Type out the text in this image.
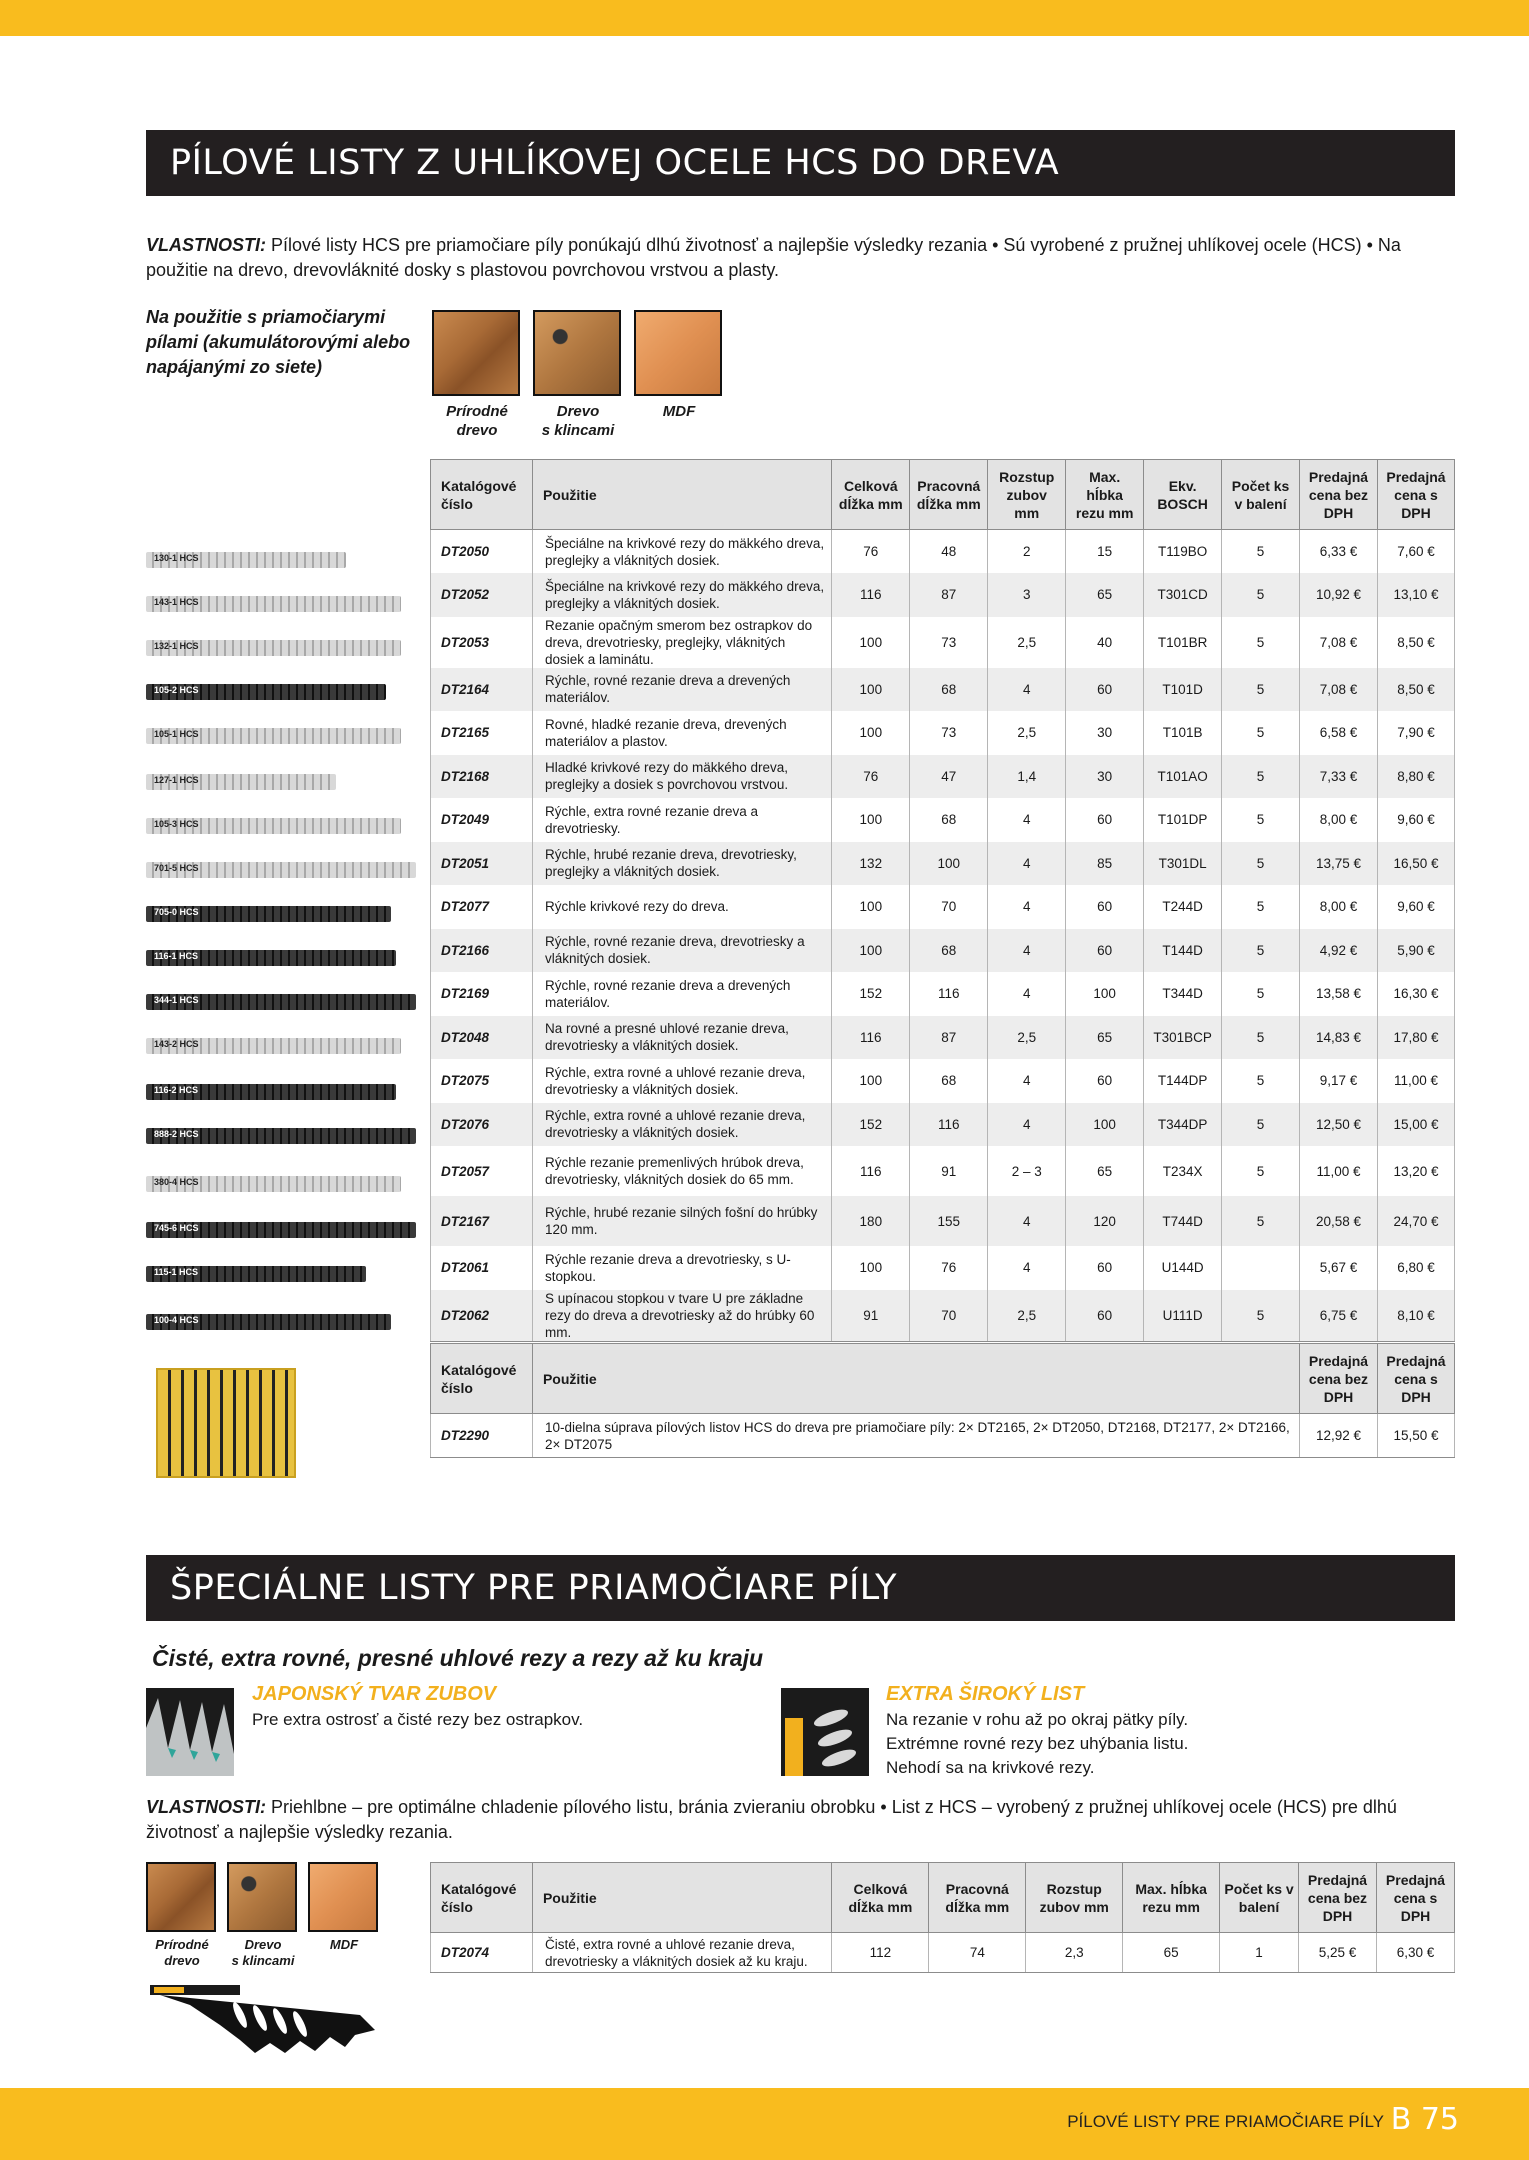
PÍLOVÉ LISTY Z UHLÍKOVEJ OCELE HCS DO DREVA
VLASTNOSTI: Pílové listy HCS pre priamočiare píly ponúkajú dlhú životnosť a najlepšie výsledky rezania • Sú vyrobené z pružnej uhlíkovej ocele (HCS) • Na použitie na drevo, drevovláknité dosky s plastovou povrchovou vrstvou a plasty.
Na použitie s priamočiarymi pílami (akumulátorovými alebo napájanými zo siete)
Prírodné
drevo
Drevo
s klincami
MDF

130-1 HCS
143-1 HCS
132-1 HCS
105-2 HCS
105-1 HCS
127-1 HCS
105-3 HCS
701-5 HCS
705-0 HCS
116-1 HCS
344-1 HCS
143-2 HCS
116-2 HCS
888-2 HCS
380-4 HCS
745-6 HCS
115-1 HCS
100-4 HCS
Katalógové číslo	Použitie	Celková dĺžka mm	Pracovná dĺžka mm	Rozstup zubov mm	Max. hĺbka rezu mm	Ekv. BOSCH	Počet ks v balení	Predajná cena bez DPH	Predajná cena s DPH
DT2050	Špeciálne na krivkové rezy do mäkkého dreva, preglejky a vláknitých dosiek.	76	48	2	15	T119BO	5	6,33 €	7,60 €
DT2052	Špeciálne na krivkové rezy do mäkkého dreva, preglejky a vláknitých dosiek.	116	87	3	65	T301CD	5	10,92 €	13,10 €
DT2053	Rezanie opačným smerom bez ostrapkov do dreva, drevotriesky, preglejky, vláknitých dosiek a laminátu.	100	73	2,5	40	T101BR	5	7,08 €	8,50 €
DT2164	Rýchle, rovné rezanie dreva a drevených materiálov.	100	68	4	60	T101D	5	7,08 €	8,50 €
DT2165	Rovné, hladké rezanie dreva, drevených materiálov a plastov.	100	73	2,5	30	T101B	5	6,58 €	7,90 €
DT2168	Hladké krivkové rezy do mäkkého dreva, preglejky a dosiek s povrchovou vrstvou.	76	47	1,4	30	T101AO	5	7,33 €	8,80 €
DT2049	Rýchle, extra rovné rezanie dreva a drevotriesky.	100	68	4	60	T101DP	5	8,00 €	9,60 €
DT2051	Rýchle, hrubé rezanie dreva, drevotriesky, preglejky a vláknitých dosiek.	132	100	4	85	T301DL	5	13,75 €	16,50 €
DT2077	Rýchle krivkové rezy do dreva.	100	70	4	60	T244D	5	8,00 €	9,60 €
DT2166	Rýchle, rovné rezanie dreva, drevotriesky a vláknitých dosiek.	100	68	4	60	T144D	5	4,92 €	5,90 €
DT2169	Rýchle, rovné rezanie dreva a drevených materiálov.	152	116	4	100	T344D	5	13,58 €	16,30 €
DT2048	Na rovné a presné uhlové rezanie dreva, drevotriesky a vláknitých dosiek.	116	87	2,5	65	T301BCP	5	14,83 €	17,80 €
DT2075	Rýchle, extra rovné a uhlové rezanie dreva, drevotriesky a vláknitých dosiek.	100	68	4	60	T144DP	5	9,17 €	11,00 €
DT2076	Rýchle, extra rovné a uhlové rezanie dreva, drevotriesky a vláknitých dosiek.	152	116	4	100	T344DP	5	12,50 €	15,00 €
DT2057	Rýchle rezanie premenlivých hrúbok dreva, drevotriesky, vláknitých dosiek do 65 mm.	116	91	2 – 3	65	T234X	5	11,00 €	13,20 €
DT2167	Rýchle, hrubé rezanie silných fošní do hrúbky 120 mm.	180	155	4	120	T744D	5	20,58 €	24,70 €
DT2061	Rýchle rezanie dreva a drevotriesky, s U-stopkou.	100	76	4	60	U144D		5,67 €	6,80 €
DT2062	S upínacou stopkou v tvare U pre základne rezy do dreva a drevotriesky až do hrúbky 60 mm.	91	70	2,5	60	U111D	5	6,75 €	8,10 €
Katalógové číslo	Použitie	Predajná cena bez DPH	Predajná cena s DPH
DT2290	10-dielna súprava pílových listov HCS do dreva pre priamočiare píly: 2× DT2165, 2× DT2050, DT2168, DT2177, 2× DT2166, 2× DT2075	12,92 €	15,50 €
ŠPECIÁLNE LISTY PRE PRIAMOČIARE PÍLY
Čisté, extra rovné, presné uhlové rezy a rezy až ku kraju
JAPONSKÝ TVAR ZUBOV
Pre extra ostrosť a čisté rezy bez ostrapkov.
EXTRA ŠIROKÝ LIST
Na rezanie v rohu až po okraj pätky píly.
Extrémne rovné rezy bez uhýbania listu.
Nehodí sa na krivkové rezy.
VLASTNOSTI: Priehlbne – pre optimálne chladenie pílového listu, bránia zvieraniu obrobku • List z HCS – vyrobený z pružnej uhlíkovej ocele (HCS) pre dlhú životnosť a najlepšie výsledky rezania.
Prírodné
drevo
Drevo
s klincami
MDF

Katalógové číslo	Použitie	Celková dĺžka mm	Pracovná dĺžka mm	Rozstup zubov mm	Max. hĺbka rezu mm	Počet ks v balení	Predajná cena bez DPH	Predajná cena s DPH
DT2074	Čisté, extra rovné a uhlové rezanie dreva, drevotriesky a vláknitých dosiek až ku kraju.	112	74	2,3	65	1	5,25 €	6,30 €
PÍLOVÉ LISTY PRE PRIAMOČIARE PÍLY B 75
